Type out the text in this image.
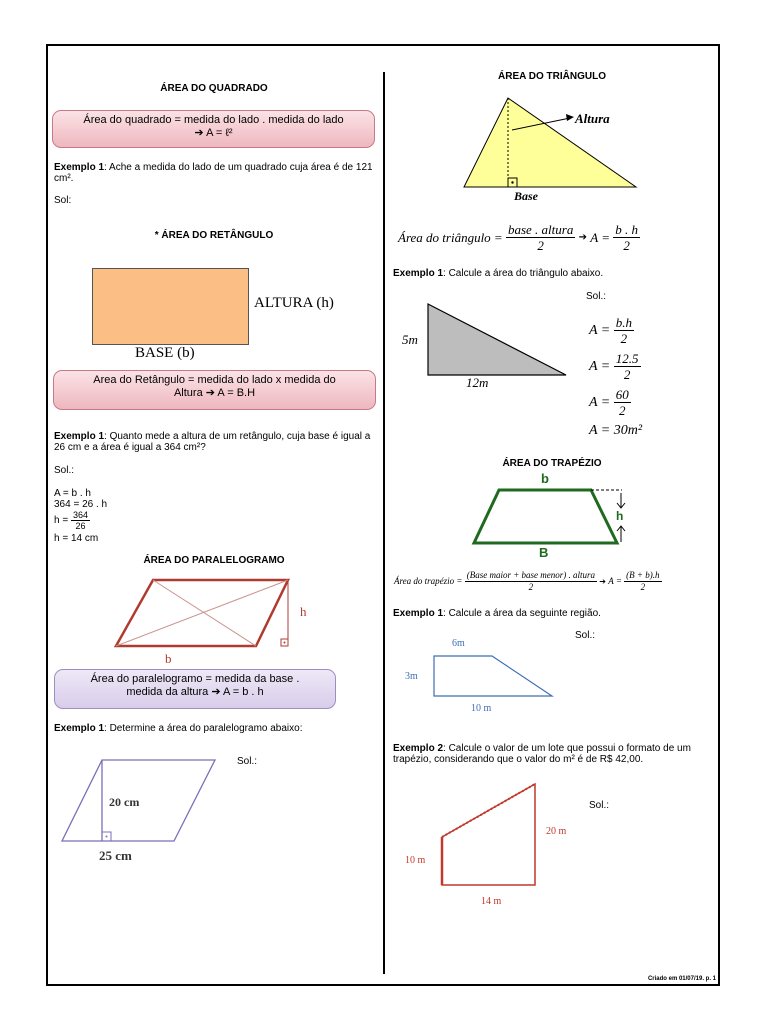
ÁREA DO QUADRADO
Área do quadrado = medida do lado . medida do lado
➔ A = ℓ²
Exemplo 1: Ache a medida do lado de um quadrado cuja área é de 121 cm².
Sol:
* ÁREA DO RETÂNGULO
ALTURA (h)
BASE (b)
Area do Retângulo = medida do lado x medida do
Altura ➔ A = B.H
Exemplo 1: Quanto mede a altura de um retângulo, cuja base é igual a 26 cm e a área é igual a 364 cm²?
Sol.:
A = b . h
364 = 26 . h
$h = \frac{364}{26}$
h = 14 cm
ÁREA DO PARALELOGRAMO
h
b
Área do paralelogramo = medida da base .
medida da altura ➔ A = b . h
Exemplo 1: Determine a área do paralelogramo abaixo:
Sol.:
20 cm
25 cm
ÁREA DO TRIÂNGULO
Altura
Base
Área do triângulo = $\frac{\text{base . altura}}{2}$ ➔ $A = \frac{b . h}{2}$
Exemplo 1: Calcule a área do triângulo abaixo.
Sol.:
5m
12m
$A = \frac{b.h}{2}$
$A = \frac{12.5}{2}$
$A = \frac{60}{2}$
A = 30m²
ÁREA DO TRAPÉZIO
b
h
B
Área do trapézio = $\frac{\text{(Base maior + base menor) . altura}}{2}$ ➔ $A = \frac{(B + b).h}{2}$
Exemplo 1: Calcule a área da seguinte região.
Sol.:
6m
3m
10 m
Exemplo 2: Calcule o valor de um lote que possui o formato de um trapézio, considerando que o valor do m² é de R$ 42,00.
Sol.:
10 m
20 m
14 m
Criado em 01/07/19. p. 1
